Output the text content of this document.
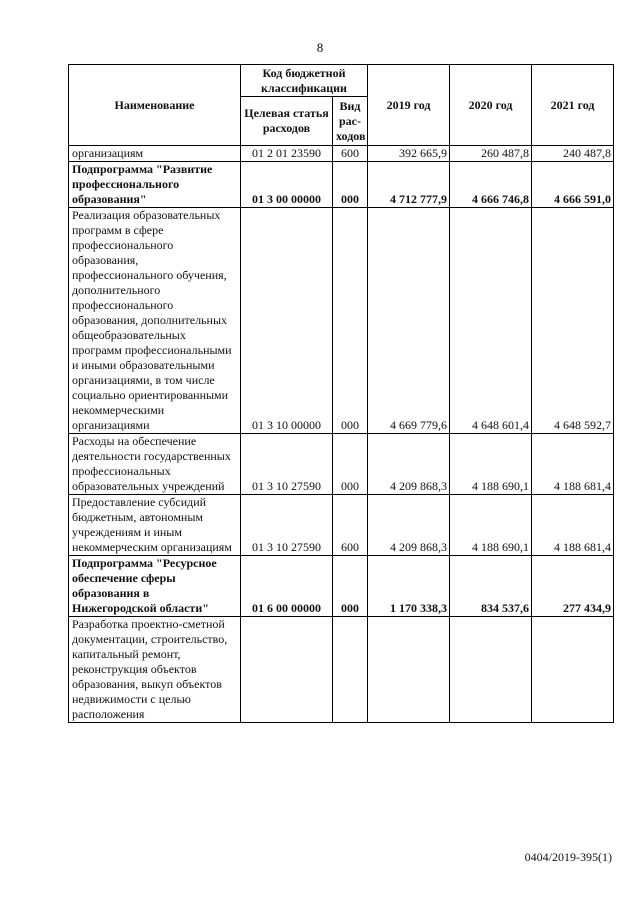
8
Наименование	Код бюджетной классификации		2019 год	2020 год	2021 год
	Целевая статья расходов	Вид рас-ходов			
организациям	01 2 01 23590	600	392 665,9	260 487,8	240 487,8
Подпрограмма "Развитие профессионального образования"	01 3 00 00000	000	4 712 777,9	4 666 746,8	4 666 591,0
Реализация образовательных программ в сфере профессионального образования, профессионального обучения, дополнительного профессионального образования, дополнительных общеобразовательных программ профессиональными и иными образовательными организациями, в том числе социально ориентированными некоммерческими организациями	01 3 10 00000	000	4 669 779,6	4 648 601,4	4 648 592,7
Расходы на обеспечение деятельности государственных профессиональных образовательных учреждений	01 3 10 27590	000	4 209 868,3	4 188 690,1	4 188 681,4
Предоставление субсидий бюджетным, автономным учреждениям и иным некоммерческим организациям	01 3 10 27590	600	4 209 868,3	4 188 690,1	4 188 681,4
Подпрограмма "Ресурсное обеспечение сферы образования в Нижегородской области"	01 6 00 00000	000	1 170 338,3	834 537,6	277 434,9
Разработка проектно-сметной документации, строительство, капитальный ремонт, реконструкция объектов образования, выкуп объектов недвижимости с целью расположения					
0404/2019-395(1)
